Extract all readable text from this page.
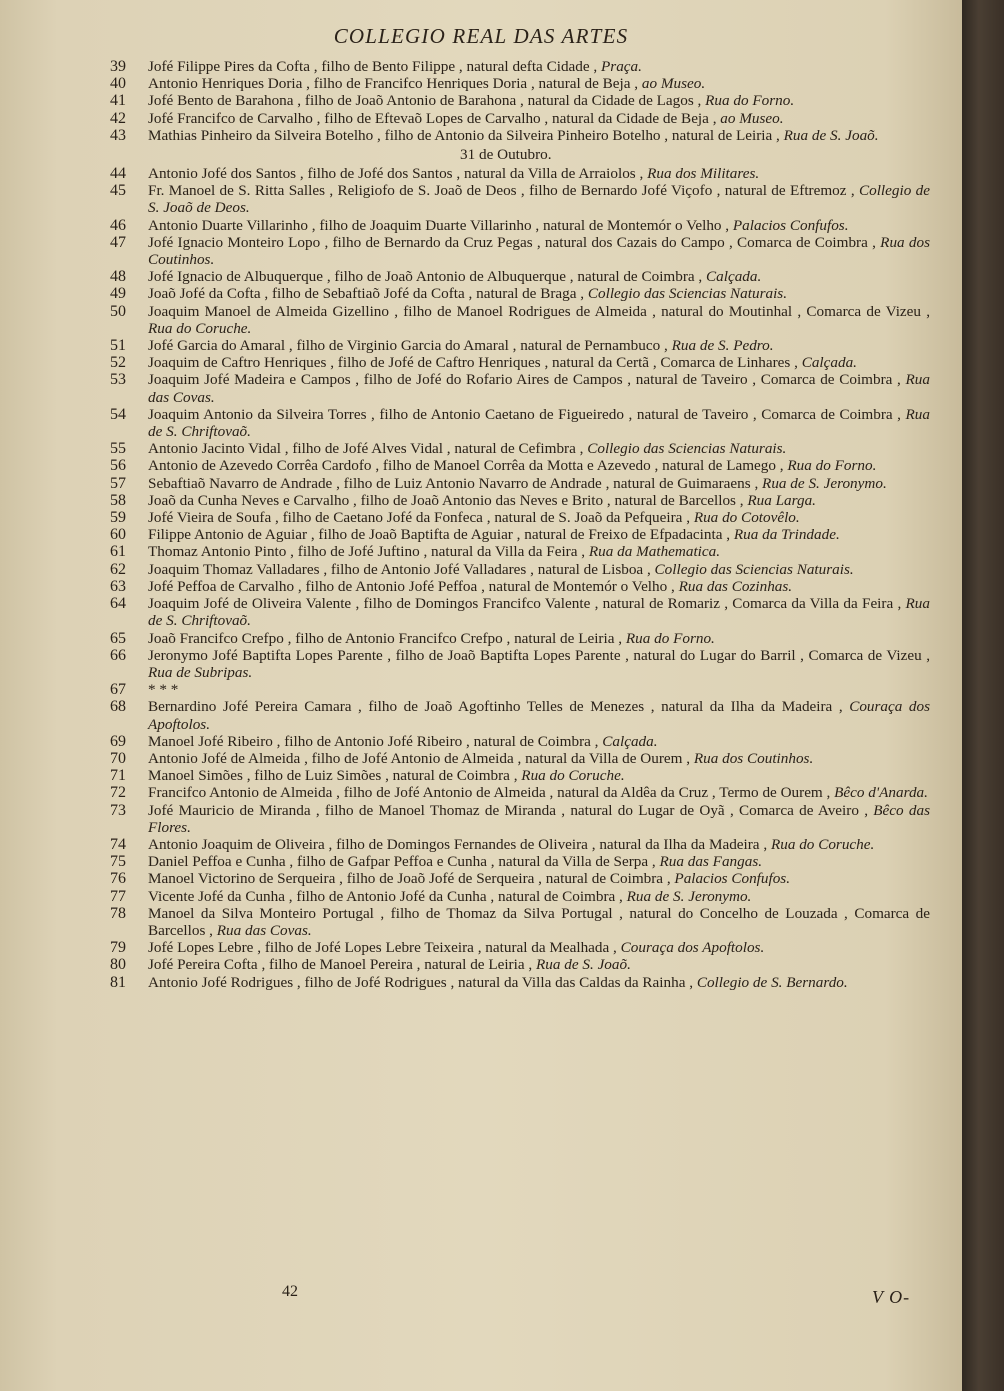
COLLEGIO REAL DAS ARTES
39	Jofé Filippe Pires da Cofta , filho de Bento Filippe , natural defta Cidade , Praça.
40	Antonio Henriques Doria , filho de Francifco Henriques Doria , natural de Beja , ao Museo.
41	Jofé Bento de Barahona , filho de Joaõ Antonio de Barahona , natural da Cidade de Lagos , Rua do Forno.
42	Jofé Francifco de Carvalho , filho de Eftevaõ Lopes de Carvalho , natural da Cidade de Beja , ao Museo.
43	Mathias Pinheiro da Silveira Botelho , filho de Antonio da Silveira Pinheiro Botelho , natural de Leiria , Rua de S. Joaõ.
31 de Outubro.
44	Antonio Jofé dos Santos , filho de Jofé dos Santos , natural da Villa de Arraiolos , Rua dos Militares.
45	Fr. Manoel de S. Ritta Salles , Religiofo de S. Joaõ de Deos , filho de Bernardo Jofé Viçofo , natural de Eftremoz , Collegio de S. Joaõ de Deos.
46	Antonio Duarte Villarinho , filho de Joaquim Duarte Villarinho , natural de Montemór o Velho , Palacios Confufos.
47	Jofé Ignacio Monteiro Lopo , filho de Bernardo da Cruz Pegas , natural dos Cazais do Campo , Comarca de Coimbra , Rua dos Coutinhos.
48	Jofé Ignacio de Albuquerque , filho de Joaõ Antonio de Albuquerque , natural de Coimbra , Calçada.
49	Joaõ Jofé da Cofta , filho de Sebaftiaõ Jofé da Cofta , natural de Braga , Collegio das Sciencias Naturais.
50	Joaquim Manoel de Almeida Gizellino , filho de Manoel Rodrigues de Almeida , natural do Moutinhal , Comarca de Vizeu , Rua do Coruche.
51	Jofé Garcia do Amaral , filho de Virginio Garcia do Amaral , natural de Pernambuco , Rua de S. Pedro.
52	Joaquim de Caftro Henriques , filho de Jofé de Caftro Henriques , natural da Certã , Comarca de Linhares , Calçada.
53	Joaquim Jofé Madeira e Campos , filho de Jofé do Rofario Aires de Campos , natural de Taveiro , Comarca de Coimbra , Rua das Covas.
54	Joaquim Antonio da Silveira Torres , filho de Antonio Caetano de Figueiredo , natural de Taveiro , Comarca de Coimbra , Rua de S. Chriftovaõ.
55	Antonio Jacinto Vidal , filho de Jofé Alves Vidal , natural de Cefimbra , Collegio das Sciencias Naturais.
56	Antonio de Azevedo Corrêa Cardofo , filho de Manoel Corrêa da Motta e Azevedo , natural de Lamego , Rua do Forno.
57	Sebaftiaõ Navarro de Andrade , filho de Luiz Antonio Navarro de Andrade , natural de Guimaraens , Rua de S. Jeronymo.
58	Joaõ da Cunha Neves e Carvalho , filho de Joaõ Antonio das Neves e Brito , natural de Barcellos , Rua Larga.
59	Jofé Vieira de Soufa , filho de Caetano Jofé da Fonfeca , natural de S. Joaõ da Pefqueira , Rua do Cotovêlo.
60	Filippe Antonio de Aguiar , filho de Joaõ Baptifta de Aguiar , natural de Freixo de Efpadacinta , Rua da Trindade.
61	Thomaz Antonio Pinto , filho de Jofé Juftino , natural da Villa da Feira , Rua da Mathematica.
62	Joaquim Thomaz Valladares , filho de Antonio Jofé Valladares , natural de Lisboa , Collegio das Sciencias Naturais.
63	Jofé Peffoa de Carvalho , filho de Antonio Jofé Peffoa , natural de Montemór o Velho , Rua das Cozinhas.
64	Joaquim Jofé de Oliveira Valente , filho de Domingos Francifco Valente , natural de Romariz , Comarca da Villa da Feira , Rua de S. Chriftovaõ.
65	Joaõ Francifco Crefpo , filho de Antonio Francifco Crefpo , natural de Leiria , Rua do Forno.
66	Jeronymo Jofé Baptifta Lopes Parente , filho de Joaõ Baptifta Lopes Parente , natural do Lugar do Barril , Comarca de Vizeu , Rua de Subripas.
67	* * *
68	Bernardino Jofé Pereira Camara , filho de Joaõ Agoftinho Telles de Menezes , natural da Ilha da Madeira , Couraça dos Apoftolos.
69	Manoel Jofé Ribeiro , filho de Antonio Jofé Ribeiro , natural de Coimbra , Calçada.
70	Antonio Jofé de Almeida , filho de Jofé Antonio de Almeida , natural da Villa de Ourem , Rua dos Coutinhos.
71	Manoel Simões , filho de Luiz Simões , natural de Coimbra , Rua do Coruche.
72	Francifco Antonio de Almeida , filho de Jofé Antonio de Almeida , natural da Aldêa da Cruz , Termo de Ourem , Bêco d'Anarda.
73	Jofé Mauricio de Miranda , filho de Manoel Thomaz de Miranda , natural do Lugar de Oyã , Comarca de Aveiro , Bêco das Flores.
74	Antonio Joaquim de Oliveira , filho de Domingos Fernandes de Oliveira , natural da Ilha da Madeira , Rua do Coruche.
75	Daniel Peffoa e Cunha , filho de Gafpar Peffoa e Cunha , natural da Villa de Serpa , Rua das Fangas.
76	Manoel Victorino de Serqueira , filho de Joaõ Jofé de Serqueira , natural de Coimbra , Palacios Confufos.
77	Vicente Jofé da Cunha , filho de Antonio Jofé da Cunha , natural de Coimbra , Rua de S. Jeronymo.
78	Manoel da Silva Monteiro Portugal , filho de Thomaz da Silva Portugal , natural do Concelho de Louzada , Comarca de Barcellos , Rua das Covas.
79	Jofé Lopes Lebre , filho de Jofé Lopes Lebre Teixeira , natural da Mealhada , Couraça dos Apoftolos.
80	Jofé Pereira Cofta , filho de Manoel Pereira , natural de Leiria , Rua de S. Joaõ.
81	Antonio Jofé Rodrigues , filho de Jofé Rodrigues , natural da Villa das Caldas da Rainha , Collegio de S. Bernardo.
42	V O-
